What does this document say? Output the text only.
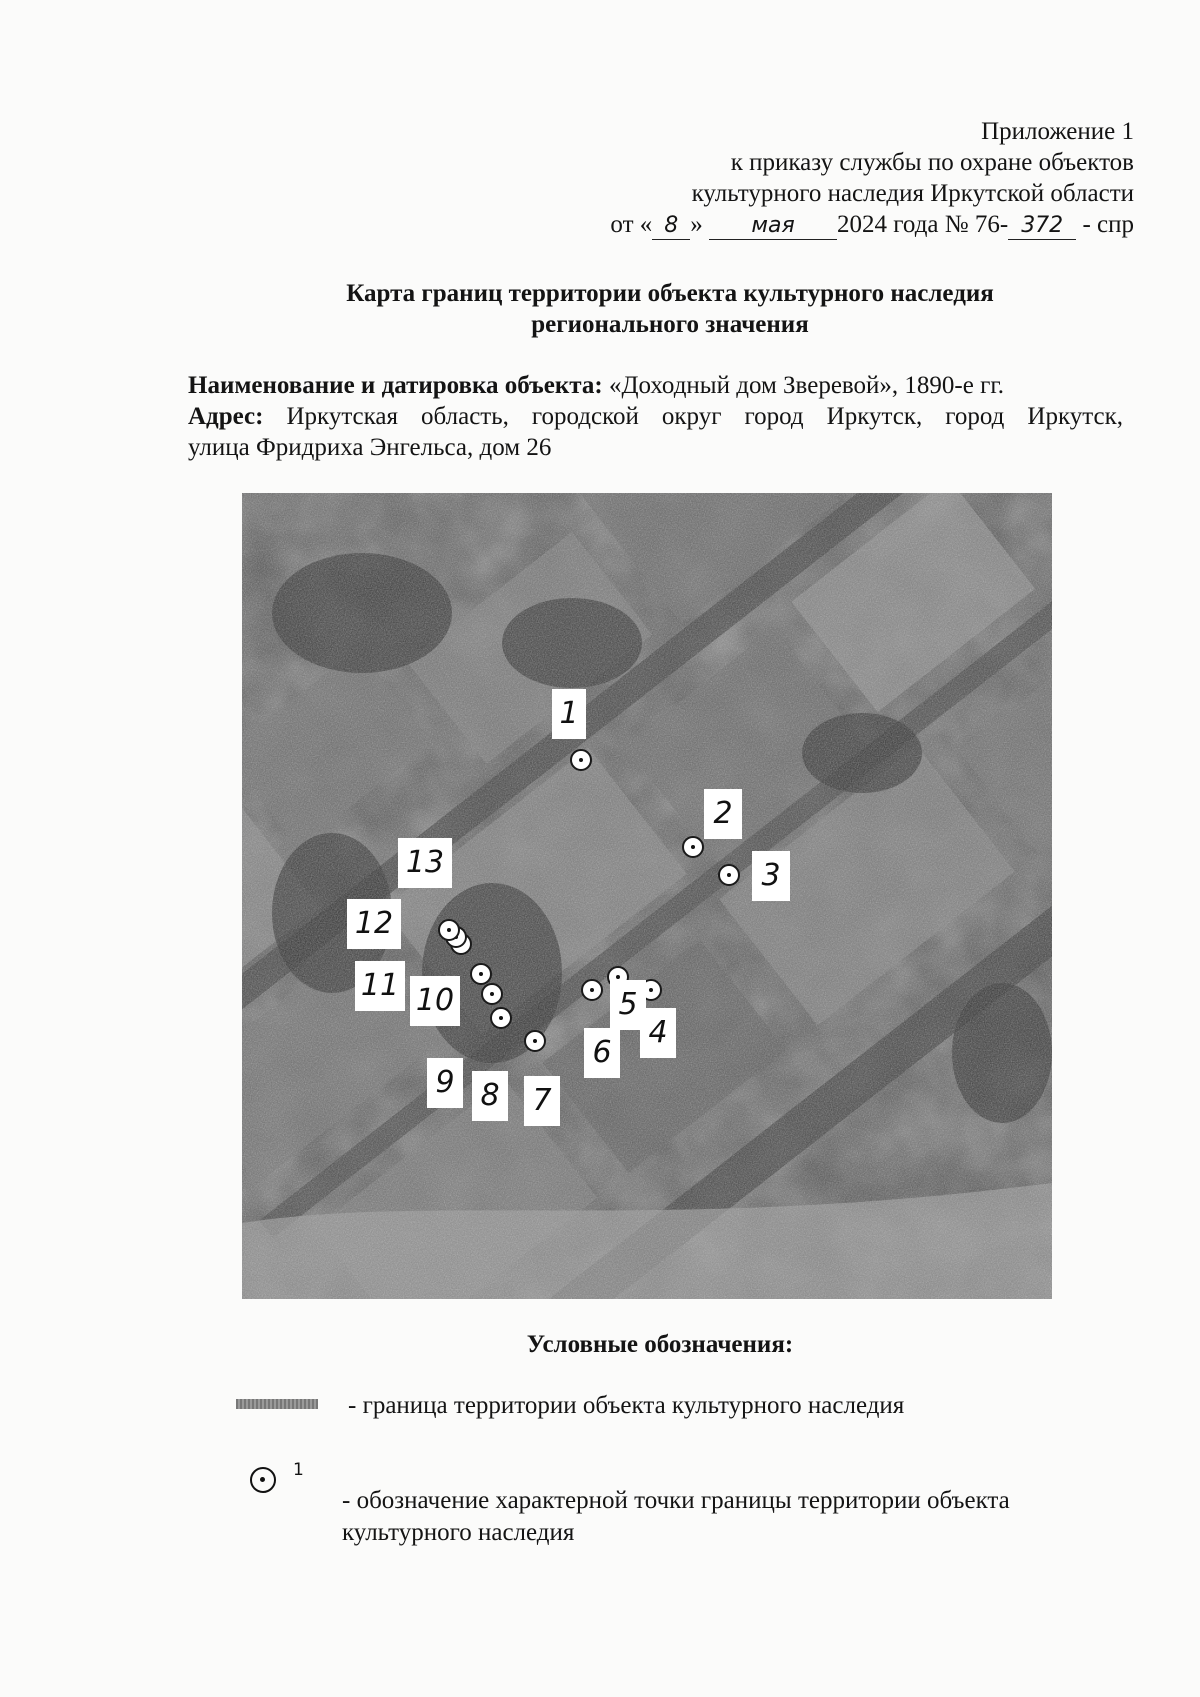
Приложение 1
к приказу службы по охране объектов
культурного наследия Иркутской области
от « 8 » мая 2024 года № 76- 372 - спр
Карта границ территории объекта культурного наследия
регионального значения
Наименование и датировка объекта: «Доходный дом Зверевой», 1890-е гг.
Адрес: Иркутская область, городской округ город Иркутск, город Иркутск,
улица Фридриха Энгельса, дом 26
1
2
3
4
5
6
7
8
9
10
11
12
13
Условные обозначения:
- граница территории объекта культурного наследия
1
- обозначение характерной точки границы территории объекта культурного наследия
